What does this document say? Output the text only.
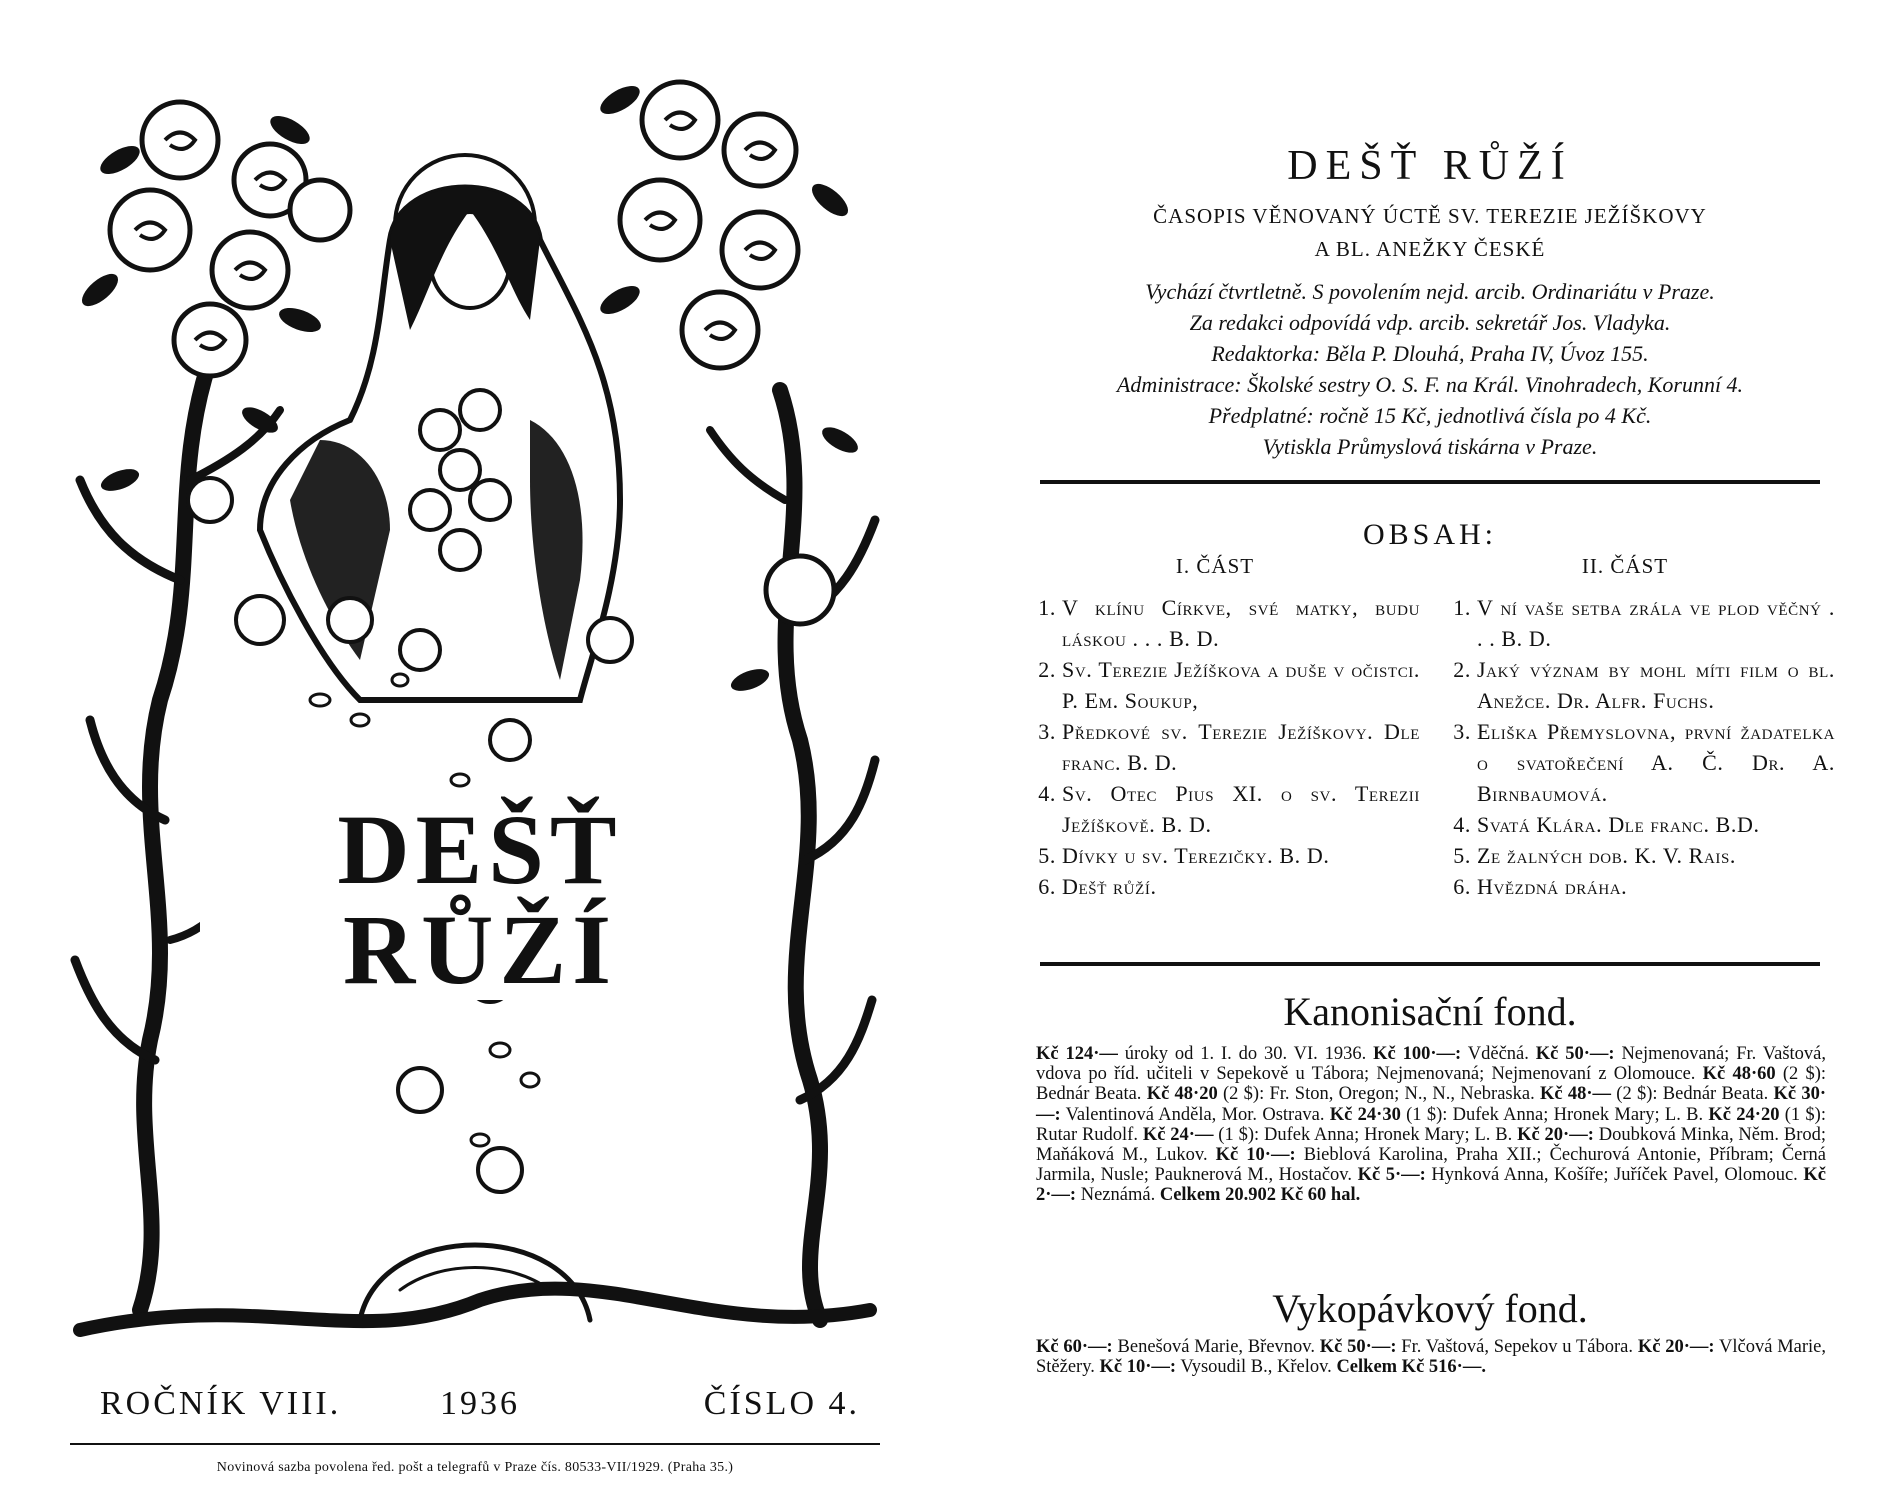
DEŠŤ RŮŽÍ
ROČNÍK VIII.	1936	ČÍSLO 4.
Novinová sazba povolena řed. pošt a telegrafů v Praze čís. 80533-VII/1929. (Praha 35.)
DEŠŤ RŮŽÍ
ČASOPIS VĚNOVANÝ ÚCTĚ SV. TEREZIE JEŽÍŠKOVY
A BL. ANEŽKY ČESKÉ
Vychází čtvrtletně. S povolením nejd. arcib. Ordinariátu v Praze.
Za redakci odpovídá vdp. arcib. sekretář Jos. Vladyka.
Redaktorka: Běla P. Dlouhá, Praha IV, Úvoz 155.
Administrace: Školské sestry O. S. F. na Král. Vinohradech, Korunní 4.
Předplatné: ročně 15 Kč, jednotlivá čísla po 4 Kč.
Vytiskla Průmyslová tiskárna v Praze.
OBSAH:
I. ČÁST	II. ČÁST
1. V klínu Církve, své matky, budu láskou . . . B. D.
2. Sv. Terezie Ježíškova a duše v očistci. P. Em. Soukup,
3. Předkové sv. Terezie Ježíškovy. Dle franc. B. D.
4. Sv. Otec Pius XI. o sv. Terezii Ježíškově. B. D.
5. Dívky u sv. Terezičky. B. D.
6. Dešť růží.
1. V ní vaše setba zrála ve plod věčný . . . B. D.
2. Jaký význam by mohl míti film o bl. Anežce. Dr. Alfr. Fuchs.
3. Eliška Přemyslovna, první žadatelka o svatořečení A. Č. Dr. A. Birnbaumová.
4. Svatá Klára. Dle franc. B.D.
5. Ze žalných dob. K. V. Rais.
6. Hvězdná dráha.
Kanonisační fond.
Kč 124·— úroky od 1. I. do 30. VI. 1936. Kč 100·—: Vděčná. Kč 50·—: Nejmenovaná; Fr. Vaštová, vdova po říd. učiteli v Sepekově u Tábora; Nejmenovaná; Nejmenovaní z Olomouce. Kč 48·60 (2 $): Bednár Beata. Kč 48·20 (2 $): Fr. Ston, Oregon; N., N., Nebraska. Kč 48·— (2 $): Bednár Beata. Kč 30·—: Valentinová Anděla, Mor. Ostrava. Kč 24·30 (1 $): Dufek Anna; Hronek Mary; L. B. Kč 24·20 (1 $): Rutar Rudolf. Kč 24·— (1 $): Dufek Anna; Hronek Mary; L. B. Kč 20·—: Doubková Minka, Něm. Brod; Maňáková M., Lukov. Kč 10·—: Bieblová Karolina, Praha XII.; Čechurová Antonie, Příbram; Černá Jarmila, Nusle; Pauknerová M., Hostačov. Kč 5·—: Hynková Anna, Košíře; Juříček Pavel, Olomouc. Kč 2·—: Neznámá. Celkem 20.902 Kč 60 hal.
Vykopávkový fond.
Kč 60·—: Benešová Marie, Břevnov. Kč 50·—: Fr. Vaštová, Sepekov u Tábora. Kč 20·—: Vlčová Marie, Stěžery. Kč 10·—: Vysoudil B., Křelov. Celkem Kč 516·—.
